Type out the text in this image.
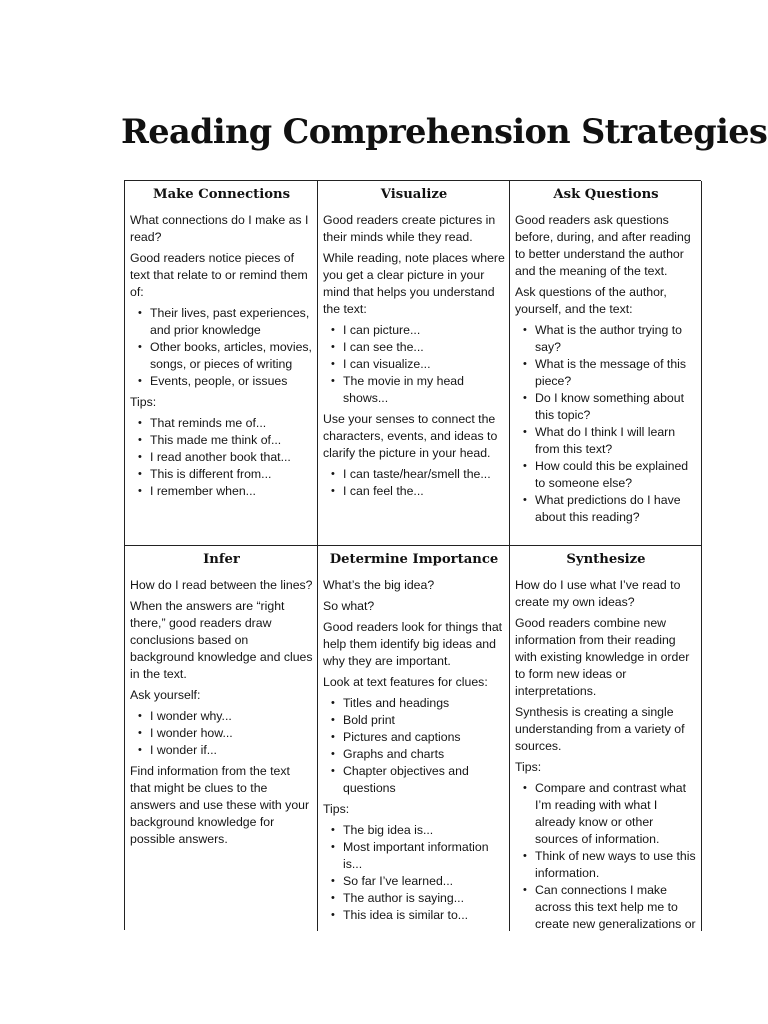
Reading Comprehension Strategies
Make Connections

What connections do I make as I read?

Good readers notice pieces of text that relate to or remind them of:

• Their lives, past experiences, and prior knowledge
• Other books, articles, movies, songs, or pieces of writing
• Events, people, or issues

Tips:

• That reminds me of...
• This made me think of...
• I read another book that...
• This is different from...
• I remember when...
Visualize

Good readers create pictures in their minds while they read.

While reading, note places where you get a clear picture in your mind that helps you understand the text:

• I can picture...
• I can see the...
• I can visualize...
• The movie in my head shows...

Use your senses to connect the characters, events, and ideas to clarify the picture in your head.

• I can taste/hear/smell the...
• I can feel the...
Ask Questions

Good readers ask questions before, during, and after reading to better understand the author and the meaning of the text.

Ask questions of the author, yourself, and the text:

• What is the author trying to say?
• What is the message of this piece?
• Do I know something about this topic?
• What do I think I will learn from this text?
• How could this be explained to someone else?
• What predictions do I have about this reading?
Infer

How do I read between the lines?

When the answers are “right there,” good readers draw conclusions based on background knowledge and clues in the text.

Ask yourself:

• I wonder why...
• I wonder how...
• I wonder if...

Find information from the text that might be clues to the answers and use these with your background knowledge for possible answers.

Determine Importance

What’s the big idea?

So what?

Good readers look for things that help them identify big ideas and why they are important.

Look at text features for clues:

• Titles and headings
• Bold print
• Pictures and captions
• Graphs and charts
• Chapter objectives and questions

Tips:

• The big idea is...
• Most important information is...
• So far I’ve learned...
• The author is saying...
• This idea is similar to...
Synthesize

How do I use what I’ve read to create my own ideas?

Good readers combine new information from their reading with existing knowledge in order to form new ideas or interpretations.

Synthesis is creating a single understanding from a variety of sources.

Tips:

• Compare and contrast what I’m reading with what I already know or other sources of information.
• Think of new ways to use this information.
• Can connections I make across this text help me to create new generalizations or
